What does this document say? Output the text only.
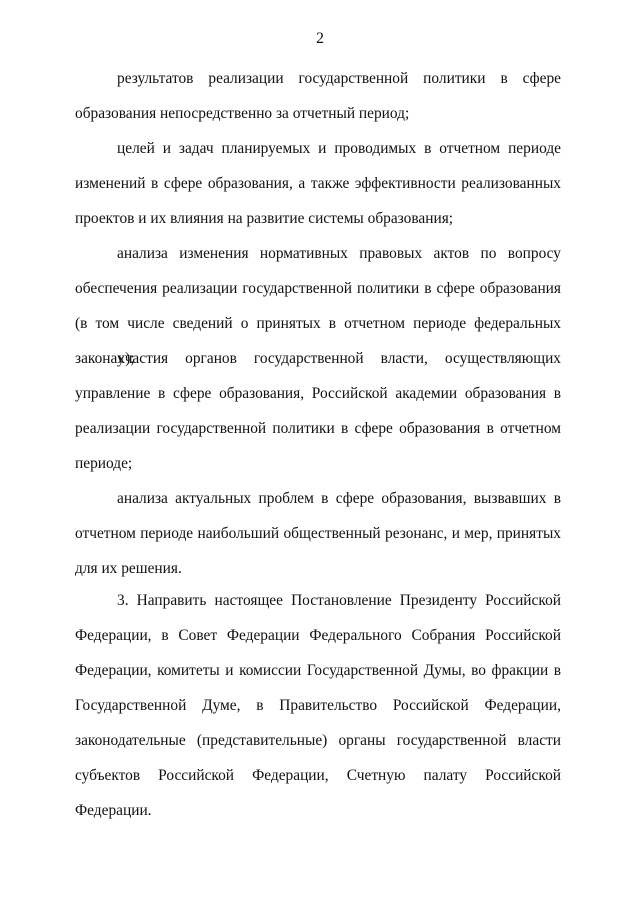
2

результатов реализации государственной политики в сфере образования непосредственно за отчетный период;

целей и задач планируемых и проводимых в отчетном периоде изменений в сфере образования, а также эффективности реализованных проектов и их влияния на развитие системы образования;

анализа изменения нормативных правовых актов по вопросу обеспечения реализации государственной политики в сфере образования (в том числе сведений о принятых в отчетном периоде федеральных законах);

участия органов государственной власти, осуществляющих управление в сфере образования, Российской академии образования в реализации государственной политики в сфере образования в отчетном периоде;

анализа актуальных проблем в сфере образования, вызвавших в отчетном периоде наибольший общественный резонанс, и мер, принятых для их решения.

3. Направить настоящее Постановление Президенту Российской Федерации, в Совет Федерации Федерального Собрания Российской Федерации, комитеты и комиссии Государственной Думы, во фракции в Государственной Думе, в Правительство Российской Федерации, законодательные (представительные) органы государственной власти субъектов Российской Федерации, Счетную палату Российской Федерации.
